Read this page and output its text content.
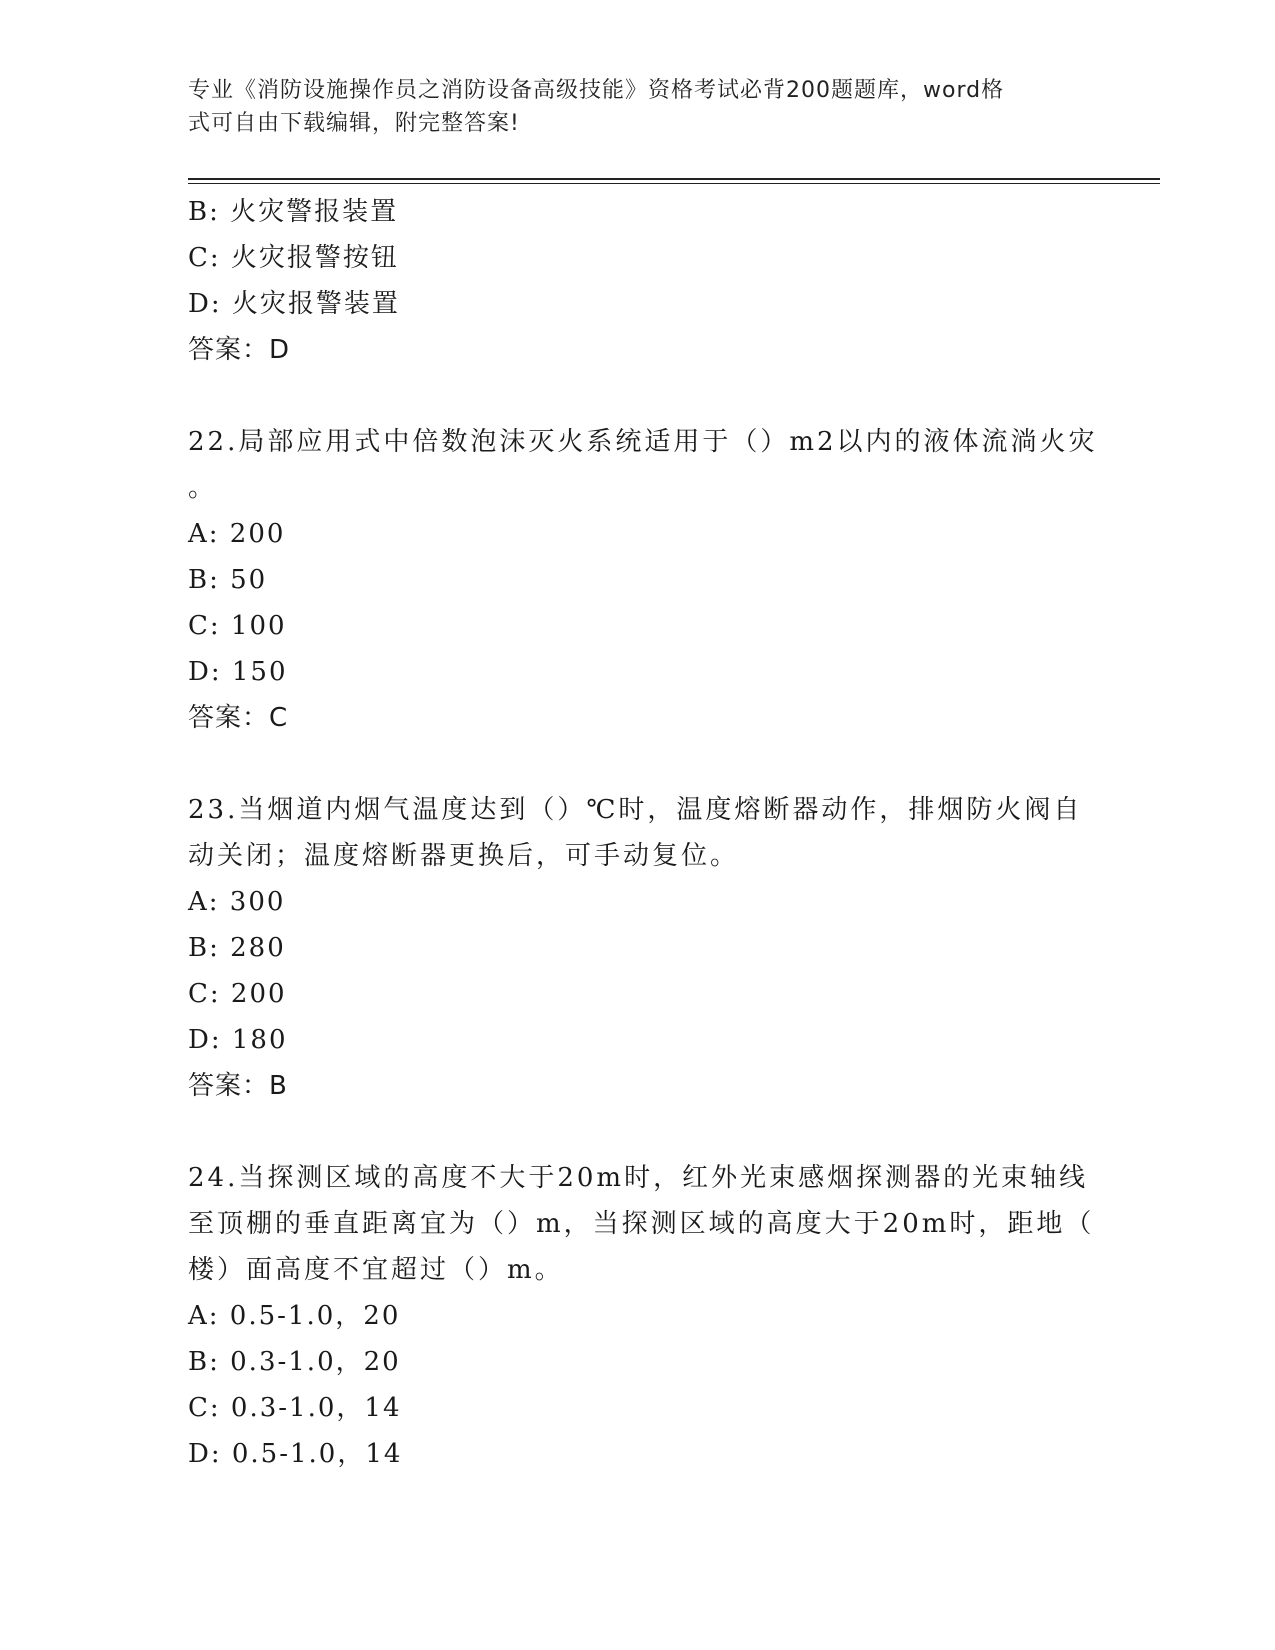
专业《消防设施操作员之消防设备高级技能》资格考试必背200题题库，word格
式可自由下载编辑，附完整答案!
B: 火灾警报装置
C: 火灾报警按钮
D: 火灾报警装置
答案：D
22.局部应用式中倍数泡沫灭火系统适用于（）m2以内的液体流淌火灾
。
A: 200
B: 50
C: 100
D: 150
答案：C
23.当烟道内烟气温度达到（）℃时，温度熔断器动作，排烟防火阀自
动关闭；温度熔断器更换后，可手动复位。
A: 300
B: 280
C: 200
D: 180
答案：B
24.当探测区域的高度不大于20m时，红外光束感烟探测器的光束轴线
至顶棚的垂直距离宜为（）m，当探测区域的高度大于20m时，距地（
楼）面高度不宜超过（）m。
A: 0.5-1.0，20
B: 0.3-1.0，20
C: 0.3-1.0，14
D: 0.5-1.0，14
